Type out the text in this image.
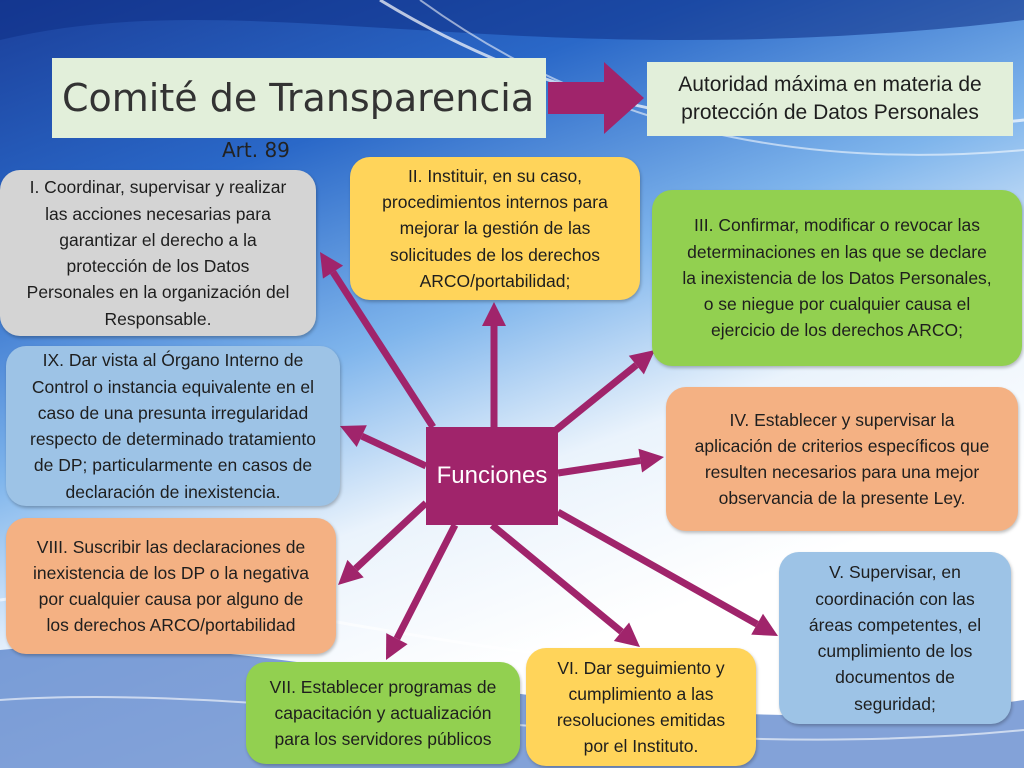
Comité de Transparencia	Autoridad máxima en materia de protección de Datos Personales
Art. 89
I. Coordinar, supervisar y realizar
las acciones necesarias para
garantizar el derecho a la
protección de los Datos
Personales en la organización del
Responsable.
II. Instituir, en su caso,
procedimientos internos para
mejorar la gestión de las
solicitudes de los derechos
ARCO/portabilidad;
III. Confirmar, modificar o revocar las
determinaciones en las que se declare
la inexistencia de los Datos Personales,
o se niegue por cualquier causa el
ejercicio de los derechos ARCO;
IV. Establecer y supervisar la
aplicación de criterios específicos que
resulten necesarios para una mejor
observancia de la presente Ley.
V. Supervisar, en
coordinación con las
áreas competentes, el
cumplimiento de los
documentos de
seguridad;
VI. Dar seguimiento y
cumplimiento a las
resoluciones emitidas
por el Instituto.
VII. Establecer programas de
capacitación y actualización
para los servidores públicos
VIII. Suscribir las declaraciones de
inexistencia de los DP o la negativa
por cualquier causa por alguno de
los derechos ARCO/portabilidad
IX. Dar vista al Órgano Interno de
Control o instancia equivalente en el
caso de una presunta irregularidad
respecto de determinado tratamiento
de DP; particularmente en casos de
declaración de inexistencia.
Funciones
